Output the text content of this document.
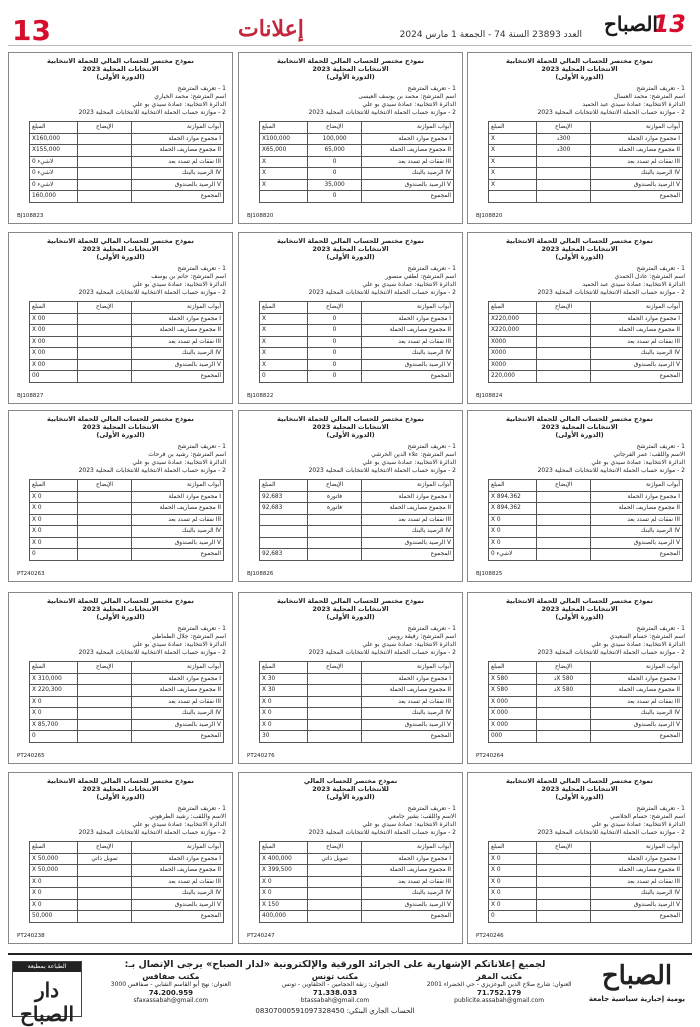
13	إعلانات	العدد 23893 السنة 74 - الجمعة 1 مارس 2024	13
الصباح
نموذج مختصر للحساب المالي للحملة الانتخابية
الانتخابات المحلية 2023
(الدورة الأولى)
1 - تعريف المترشح
اسم المترشح: محمد العسال
الدائرة الانتخابية: عمادة سيدي عبد الحميد
2 - موازنة حساب الحملة الانتخابية للانتخابات المحلية 2023
أبواب الموازنة	الإيضاح	المبلغ
I مجموع موارد الحملة	300د	X
II مجموع مصاريف الحملة	300د	X
III نفقات لم تسدد بعد		X
IV الرصيد بالبنك		X
V الرصيد بالصندوق		X
المجموع		
BJ108820
نموذج مختصر للحساب المالي للحملة الانتخابية
الانتخابات المحلية 2023
(الدورة الأولى)
1 - تعريف المترشح
اسم المترشح: محمد بن يوسف العيسى
الدائرة الانتخابية: عمادة سيدي بو علي
2 - موازنة حساب الحملة الانتخابية للانتخابات المحلية 2023
أبواب الموازنة	الإيضاح	المبلغ
I مجموع موارد الحملة	100,000	X100,000
II مجموع مصاريف الحملة	65,000	X65,000
III نفقات لم تسدد بعد	0	X
IV الرصيد بالبنك	0	X
V الرصيد بالصندوق	35,000	X
المجموع	0	
BJ108820
نموذج مختصر للحساب المالي للحملة الانتخابية
الانتخابات المحلية 2023
(الدورة الأولى)
1 - تعريف المترشح
اسم المترشح: محمد الخياري
الدائرة الانتخابية: عمادة سيدي بو علي
2 - موازنة حساب الحملة الانتخابية للانتخابات المحلية 2023
أبواب الموازنة	الإيضاح	المبلغ
I مجموع موارد الحملة		X160,000
II مجموع مصاريف الحملة		X155,000
III نفقات لم تسدد بعد		0 لاشيء
IV الرصيد بالبنك		0 لاشيء
V الرصيد بالصندوق		0 لاشيء
المجموع		160,000
BJ108823
نموذج مختصر للحساب المالي للحملة الانتخابية
الانتخابات المحلية 2023
(الدورة الأولى)
1 - تعريف المترشح
اسم المترشح: عادل الحمدي
الدائرة الانتخابية: عمادة سيدي عبد الحميد
2 - موازنة حساب الحملة الانتخابية للانتخابات المحلية 2023
أبواب الموازنة	الإيضاح	المبلغ
I مجموع موارد الحملة		X220,000
II مجموع مصاريف الحملة		X220,000
III نفقات لم تسدد بعد		X000
IV الرصيد بالبنك		X000
V الرصيد بالصندوق		X000
المجموع		220,000
BJ108824
نموذج مختصر للحساب المالي للحملة الانتخابية
الانتخابات المحلية 2023
(الدورة الأولى)
1 - تعريف المترشح
اسم المترشح: لطفي منصور
الدائرة الانتخابية: عمادة سيدي بو علي
2 - موازنة حساب الحملة الانتخابية للانتخابات المحلية 2023
أبواب الموازنة	الإيضاح	المبلغ
I مجموع موارد الحملة	0	X
II مجموع مصاريف الحملة	0	X
III نفقات لم تسدد بعد	0	X
IV الرصيد بالبنك	0	X
V الرصيد بالصندوق	0	X
المجموع	0	0
BJ108822
نموذج مختصر للحساب المالي للحملة الانتخابية
الانتخابات المحلية 2023
(الدورة الأولى)
1 - تعريف المترشح
اسم المترشح: حاتم بن يوسف
الدائرة الانتخابية: عمادة سيدي بو علي
2 - موازنة حساب الحملة الانتخابية للانتخابات المحلية 2023
أبواب الموازنة	الإيضاح	المبلغ
I مجموع موارد الحملة		X 00
II مجموع مصاريف الحملة		X 00
III نفقات لم تسدد بعد		X 00
IV الرصيد بالبنك		X 00
V الرصيد بالصندوق		X 00
المجموع		00
BJ108827
نموذج مختصر للحساب المالي للحملة الانتخابية
الانتخابات المحلية 2023
(الدورة الأولى)
1 - تعريف المترشح
الاسم واللقب: عمر الفرجاني
الدائرة الانتخابية: عمادة سيدي بو علي
2 - موازنة حساب الحملة الانتخابية للانتخابات المحلية 2023
أبواب الموازنة	الإيضاح	المبلغ
I مجموع موارد الحملة		X 894,362
II مجموع مصاريف الحملة		X 894,362
III نفقات لم تسدد بعد		X 0
IV الرصيد بالبنك		X 0
V الرصيد بالصندوق		X 0
المجموع		0 لاشيء
BJ108825
نموذج مختصر للحساب المالي للحملة الانتخابية
الانتخابات المحلية 2023
(الدورة الأولى)
1 - تعريف المترشح
اسم المترشح: علاء الدين الحرشي
الدائرة الانتخابية: عمادة سيدي بو علي
2 - موازنة حساب الحملة الانتخابية للانتخابات المحلية 2023
أبواب الموازنة	الإيضاح	المبلغ
I مجموع موارد الحملة	فاتورة	92,683
II مجموع مصاريف الحملة	فاتورة	92,683
III نفقات لم تسدد بعد		
IV الرصيد بالبنك		
V الرصيد بالصندوق		
المجموع		92,683
BJ108826
نموذج مختصر للحساب المالي للحملة الانتخابية
الانتخابات المحلية 2023
(الدورة الأولى)
1 - تعريف المترشح
اسم المترشح: رشيد بن فرحات
الدائرة الانتخابية: عمادة سيدي بو علي
2 - موازنة حساب الحملة الانتخابية للانتخابات المحلية 2023
أبواب الموازنة	الإيضاح	المبلغ
I مجموع موارد الحملة		X 0
II مجموع مصاريف الحملة		X 0
III نفقات لم تسدد بعد		X 0
IV الرصيد بالبنك		X 0
V الرصيد بالصندوق		X 0
المجموع		0
PT240263
نموذج مختصر للحساب المالي للحملة الانتخابية
الانتخابات المحلية 2023
(الدورة الأولى)
1 - تعريف المترشح
اسم المترشح: حسام السعيدي
الدائرة الانتخابية: عمادة سيدي بو علي
2 - موازنة حساب الحملة الانتخابية للانتخابات المحلية 2023
أبواب الموازنة	الإيضاح	المبلغ
I مجموع موارد الحملة	X 580د	X 580
II مجموع مصاريف الحملة	X 580د	X 580
III نفقات لم تسدد بعد		X 000
IV الرصيد بالبنك		X 000
V الرصيد بالصندوق		X 000
المجموع		000
PT240264
نموذج مختصر للحساب المالي للحملة الانتخابية
الانتخابات المحلية 2023
(الدورة الأولى)
1 - تعريف المترشح
اسم المترشح: رفيقة رويس
الدائرة الانتخابية: عمادة سيدي بو علي
2 - موازنة حساب الحملة الانتخابية للانتخابات المحلية 2023
أبواب الموازنة	الإيضاح	المبلغ
I مجموع موارد الحملة		X 30
II مجموع مصاريف الحملة		X 30
III نفقات لم تسدد بعد		X 0
IV الرصيد بالبنك		X 0
V الرصيد بالصندوق		X 0
المجموع		30
PT240276
نموذج مختصر للحساب المالي للحملة الانتخابية
الانتخابات المحلية 2023
(الدورة الأولى)
1 - تعريف المترشح
اسم المترشح: جلال الطماطي
الدائرة الانتخابية: عمادة سيدي بو علي
2 - موازنة حساب الحملة الانتخابية للانتخابات المحلية 2023
أبواب الموازنة	الإيضاح	المبلغ
I مجموع موارد الحملة		X 310,000
II مجموع مصاريف الحملة		X 220,300
III نفقات لم تسدد بعد		X 0
IV الرصيد بالبنك		X 0
V الرصيد بالصندوق		X 85,700
المجموع		0
PT240265
نموذج مختصر للحساب المالي للحملة الانتخابية
الانتخابات المحلية 2023
(الدورة الأولى)
1 - تعريف المترشح
اسم المترشح: حسام الجلاصي
الدائرة الانتخابية: عمادة سيدي بو علي
2 - موازنة حساب الحملة الانتخابية للانتخابات المحلية 2023
أبواب الموازنة	الإيضاح	المبلغ
I مجموع موارد الحملة		X 0
II مجموع مصاريف الحملة		X 0
III نفقات لم تسدد بعد		X 0
IV الرصيد بالبنك		X 0
V الرصيد بالصندوق		X 0
المجموع		0
PT240246
نموذج مختصر للحساب المالي
للانتخابات المحلية 2023
(الدورة الأولى)
1 - تعريف المترشح
الاسم واللقب: بشير جامعي
الدائرة الانتخابية: عمادة سيدي بو علي
2 - موازنة حساب الحملة الانتخابية للانتخابات المحلية 2023
أبواب الموازنة	الإيضاح	المبلغ
I مجموع موارد الحملة	تمويل ذاتي	X 400,000
II مجموع مصاريف الحملة		X 399,500
III نفقات لم تسدد بعد		X 0
IV الرصيد بالبنك		X 0
V الرصيد بالصندوق		X 150
المجموع		400,000
PT240247
نموذج مختصر للحساب المالي للحملة الانتخابية
الانتخابات المحلية 2023
(الدورة الأولى)
1 - تعريف المترشح
الاسم واللقب: رشيد الطرهوني
الدائرة الانتخابية: عمادة سيدي بو علي
2 - موازنة حساب الحملة الانتخابية للانتخابات المحلية 2023
أبواب الموازنة	الإيضاح	المبلغ
I مجموع موارد الحملة	تمويل ذاتي	X 50,000
II مجموع مصاريف الحملة		X 50,000
III نفقات لم تسدد بعد		X 0
IV الرصيد بالبنك		X 0
V الرصيد بالصندوق		X 0
المجموع		50,000
PT240238
الصباح
يومية إخبارية سياسية جامعة
لجميع إعلاناتكم الإشهارية على الجرائد الورقية والإلكترونية «لدار الصباح» يرجى الإتصال بـ:
مكتب المقر
العنوان: شارع صلاح الدين البوعزيزي - حي الخضراء 2001
71.752.179
publicite.assabah@gmail.com
مكتب تونس
العنوان: زنقة الحجامين - الحلفاوين - تونس
71.338.033
btassabah@gmail.com
مكتب صفاقس
العنوان: نهج أبو القاسم الشابي - صفاقس 3000
74.200.959
sfaxassabah@gmail.com
الحساب الجاري البنكي: 08307000591097328450
الطباعة بمطبعة
دار الصباح
